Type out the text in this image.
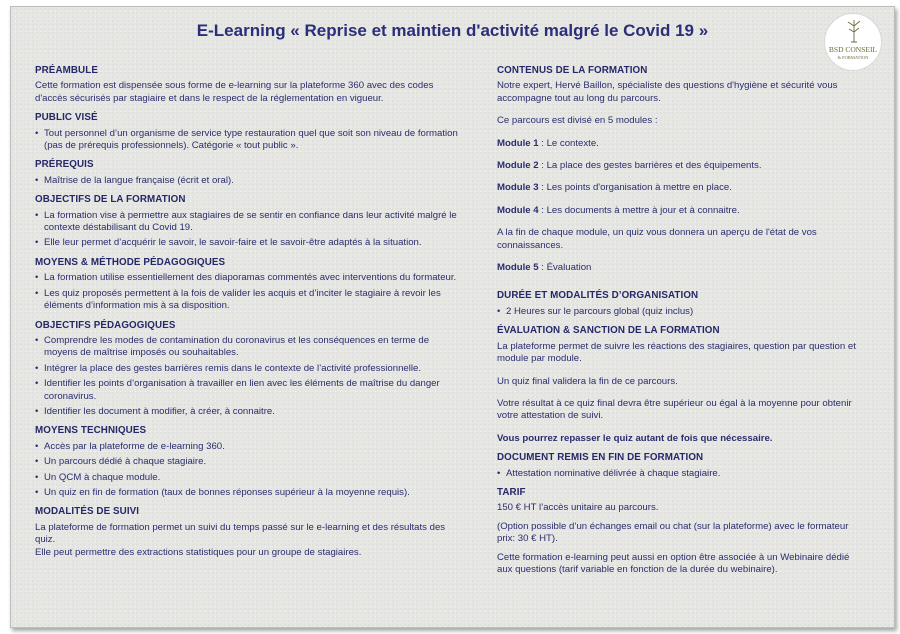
E-Learning « Reprise et maintien d'activité malgré le Covid 19 »
BSD CONSEIL
& FORMATION
PRÉAMBULE

Cette formation est dispensée sous forme de e-learning sur la plateforme 360 avec des codes d'accès sécurisés par stagiaire et dans le respect de la réglementation en vigueur.

PUBLIC VISÉ
• Tout personnel d’un organisme de service type restauration quel que soit son niveau de formation (pas de prérequis professionnels). Catégorie « tout public ».
PRÉREQUIS
• Maîtrise de la langue française (écrit et oral).
OBJECTIFS DE LA FORMATION
• La formation vise à permettre aux stagiaires de se sentir en confiance dans leur activité malgré le contexte déstabilisant du Covid 19.
• Elle leur permet d’acquérir le savoir, le savoir-faire et le savoir-être adaptés à la situation.
MOYENS & MÉTHODE PÉDAGOGIQUES
• La formation utilise essentiellement des diaporamas commentés avec interventions du formateur.
• Les quiz proposés permettent à la fois de valider les acquis et d’inciter le stagiaire à revoir les éléments d’information mis à sa disposition.
OBJECTIFS PÉDAGOGIQUES
• Comprendre les modes de contamination du coronavirus et les conséquences en terme de moyens de maîtrise imposés ou souhaitables.
• Intégrer la place des gestes barrières remis dans le contexte de l’activité professionnelle.
• Identifier les points d’organisation à travailler en lien avec les éléments de maîtrise du danger coronavirus.
• Identifier les document à modifier, à créer, à connaitre.
MOYENS TECHNIQUES
• Accès par la plateforme de e-learning 360.
• Un parcours dédié à chaque stagiaire.
• Un QCM à chaque module.
• Un quiz en fin de formation (taux de bonnes réponses supérieur à la moyenne requis).
MODALITÉS DE SUIVI

La plateforme de formation permet un suivi du temps passé sur le e-learning et des résultats des quiz.

Elle peut permettre des extractions statistiques pour un groupe de stagiaires.

CONTENUS DE LA FORMATION

Notre expert, Hervé Baillon, spécialiste des questions d'hygiène et sécurité vous accompagne tout au long du parcours.

Ce parcours est divisé en 5 modules :

Module 1 : Le contexte.

Module 2 : La place des gestes barrières et des équipements.

Module 3 : Les points d'organisation à mettre en place.

Module 4 : Les documents à mettre à jour et à connaitre.

A la fin de chaque module, un quiz vous donnera un aperçu de l'état de vos connaissances.

Module 5 : Évaluation

DURÉE ET MODALITÉS D’ORGANISATION
• 2 Heures sur le parcours global (quiz inclus)
ÉVALUATION & SANCTION DE LA FORMATION

La plateforme permet de suivre les réactions des stagiaires, question par question et module par module.

Un quiz final validera la fin de ce parcours.

Votre résultat à ce quiz final devra être supérieur ou égal à la moyenne pour obtenir votre attestation de suivi.

Vous pourrez repasser le quiz autant de fois que nécessaire.

DOCUMENT REMIS EN FIN DE FORMATION
• Attestation nominative délivrée à chaque stagiaire.
TARIF

150 € HT l’accès unitaire au parcours.

(Option possible d’un échanges email ou chat (sur la plateforme) avec le formateur prix: 30 € HT).

Cette formation e-learning peut aussi en option être associée à un Webinaire dédié aux questions (tarif variable en fonction de la durée du webinaire).
